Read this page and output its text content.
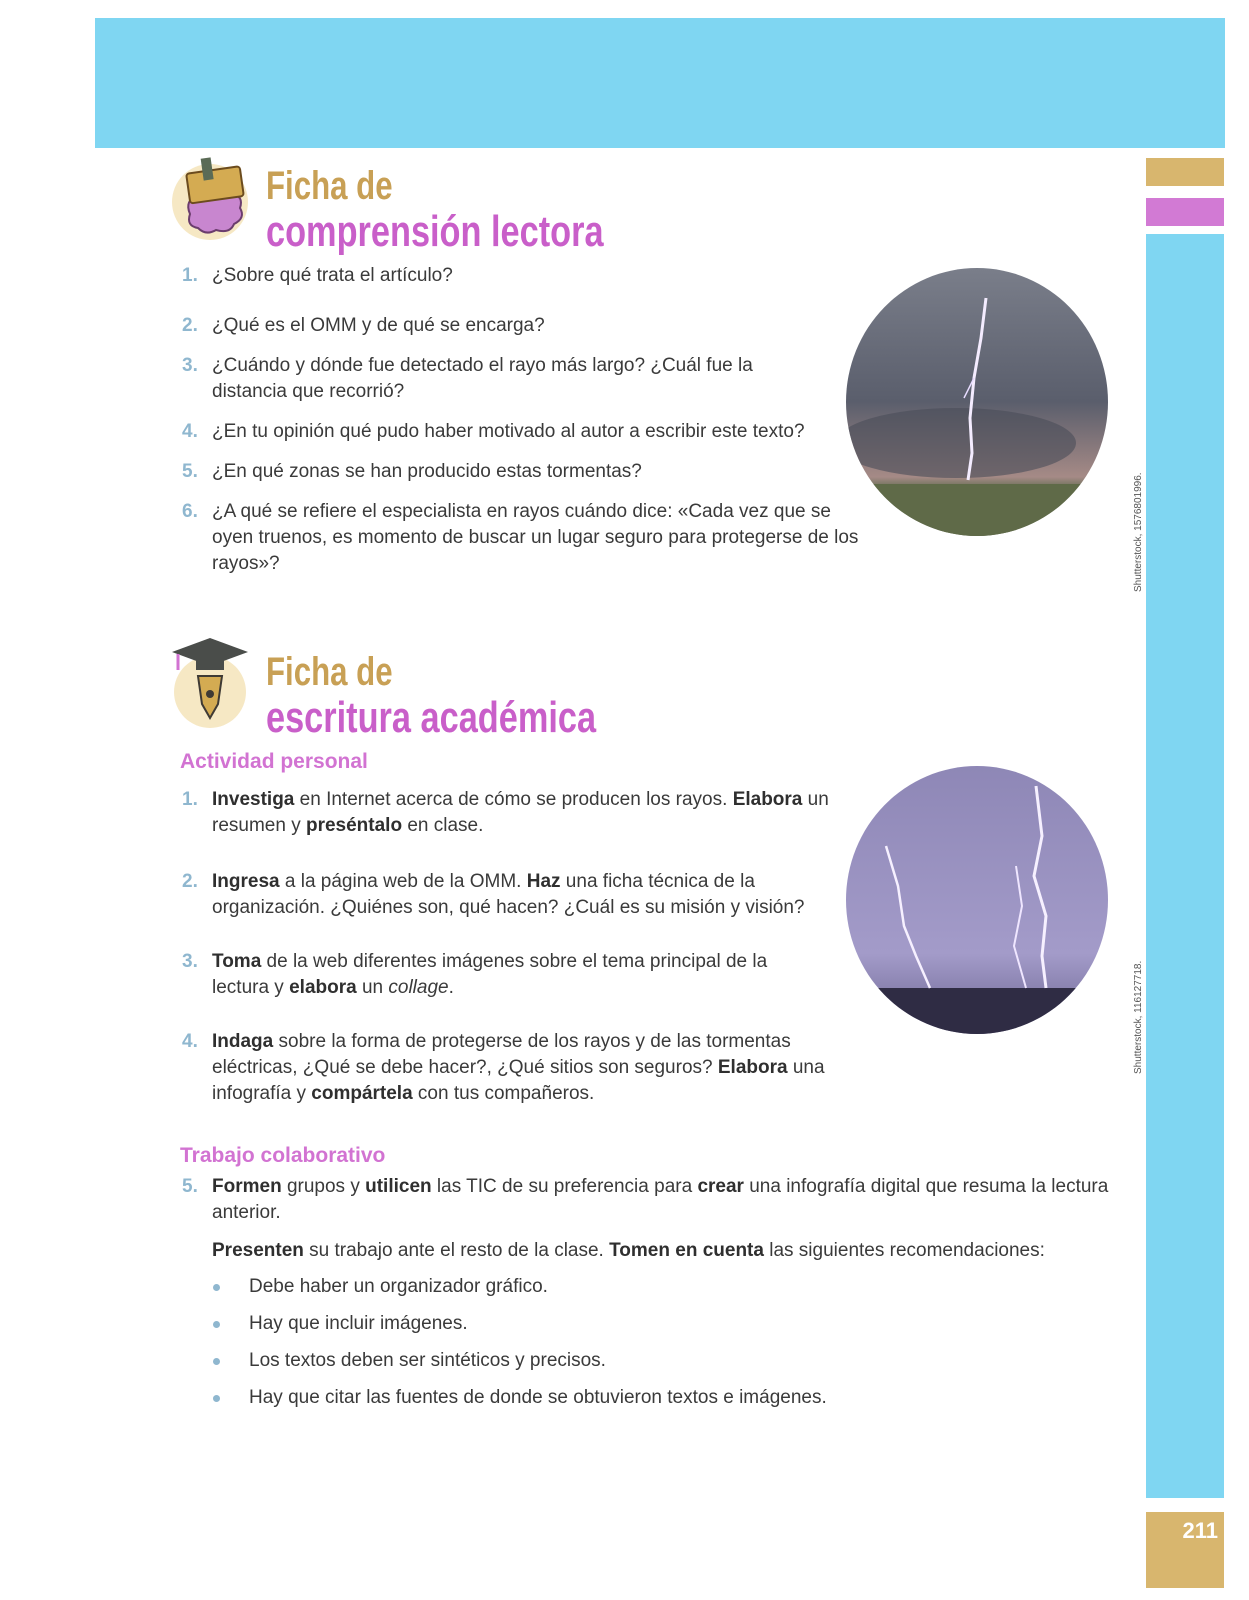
211
Shutterstock, 1576801996.
Shutterstock, 116127718.
Ficha de
comprensión lectora
1. ¿Sobre qué trata el artículo?
2. ¿Qué es el OMM y de qué se encarga?
3. ¿Cuándo y dónde fue detectado el rayo más largo? ¿Cuál fue la distancia que recorrió?
4. ¿En tu opinión qué pudo haber motivado al autor a escribir este texto?
5. ¿En qué zonas se han producido estas tormentas?
6. ¿A qué se refiere el especialista en rayos cuándo dice: «Cada vez que se oyen truenos, es momento de buscar un lugar seguro para protegerse de los rayos»?
Ficha de
escritura académica
Actividad personal
1. Investiga en Internet acerca de cómo se producen los rayos. Elabora un resumen y preséntalo en clase.
2. Ingresa a la página web de la OMM. Haz una ficha técnica de la organización. ¿Quiénes son, qué hacen? ¿Cuál es su misión y visión?
3. Toma de la web diferentes imágenes sobre el tema principal de la lectura y elabora un collage.
4. Indaga sobre la forma de protegerse de los rayos y de las tormentas eléctricas, ¿Qué se debe hacer?, ¿Qué sitios son seguros? Elabora una infografía y compártela con tus compañeros.
Trabajo colaborativo
5. Formen grupos y utilicen las TIC de su preferencia para crear una infografía digital que resuma la lectura anterior.
Presenten su trabajo ante el resto de la clase. Tomen en cuenta las siguientes recomendaciones:
Debe haber un organizador gráfico.
Hay que incluir imágenes.
Los textos deben ser sintéticos y precisos.
Hay que citar las fuentes de donde se obtuvieron textos e imágenes.
